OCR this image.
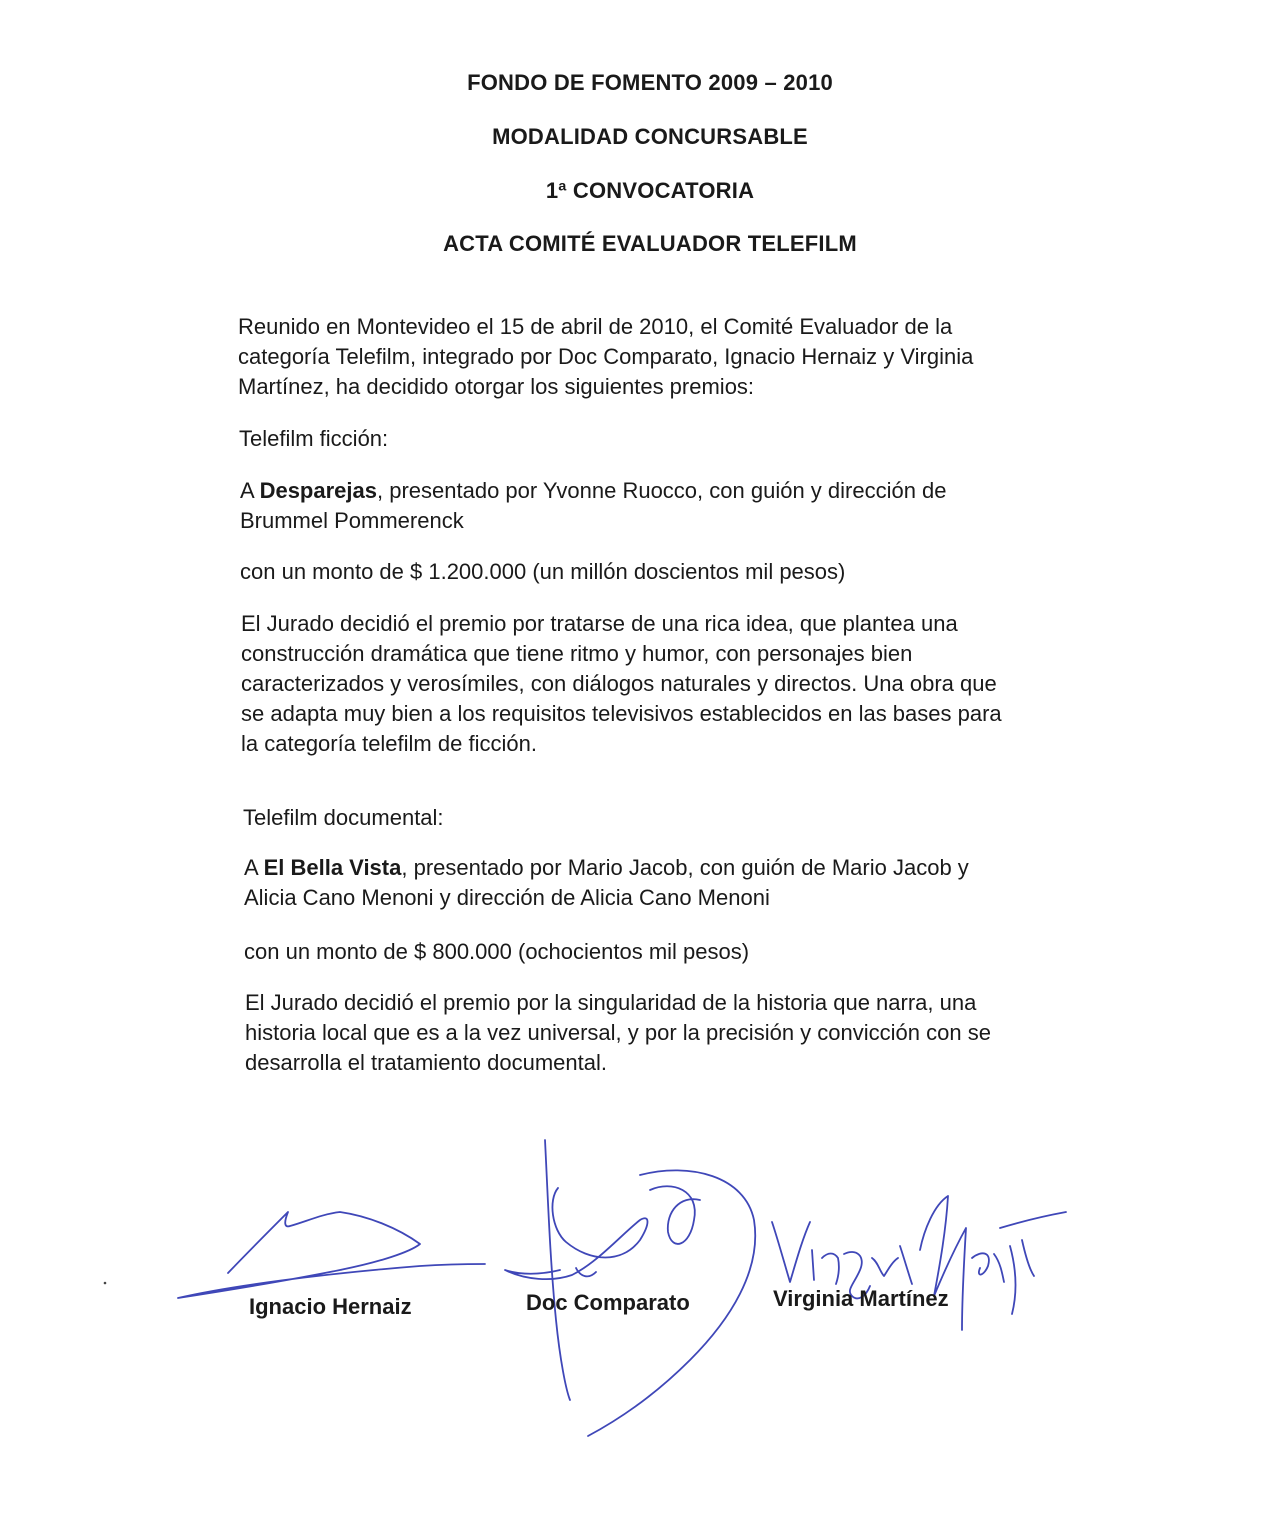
FONDO DE FOMENTO 2009 – 2010
MODALIDAD CONCURSABLE
1ª CONVOCATORIA
ACTA COMITÉ EVALUADOR TELEFILM
Reunido en Montevideo el 15 de abril de 2010, el Comité Evaluador de la
categoría Telefilm, integrado por Doc Comparato, Ignacio Hernaiz y Virginia
Martínez, ha decidido otorgar los siguientes premios:
Telefilm ficción:
A Desparejas, presentado por Yvonne Ruocco, con guión y dirección de
Brummel Pommerenck
con un monto de $ 1.200.000 (un millón doscientos mil pesos)
El Jurado decidió el premio por tratarse de una rica idea, que plantea una
construcción dramática que tiene ritmo y humor, con personajes bien
caracterizados y verosímiles, con diálogos naturales y directos. Una obra que
se adapta muy bien a los requisitos televisivos establecidos en las bases para
la categoría telefilm de ficción.
Telefilm documental:
A El Bella Vista, presentado por Mario Jacob, con guión de Mario Jacob y
Alicia Cano Menoni y dirección de Alicia Cano Menoni
con un monto de $ 800.000 (ochocientos mil pesos)
El Jurado decidió el premio por la singularidad de la historia que narra, una
historia local que es a la vez universal, y por la precisión y convicción con se
desarrolla el tratamiento documental.
Ignacio Hernaiz	Doc Comparato	Virginia Martínez
